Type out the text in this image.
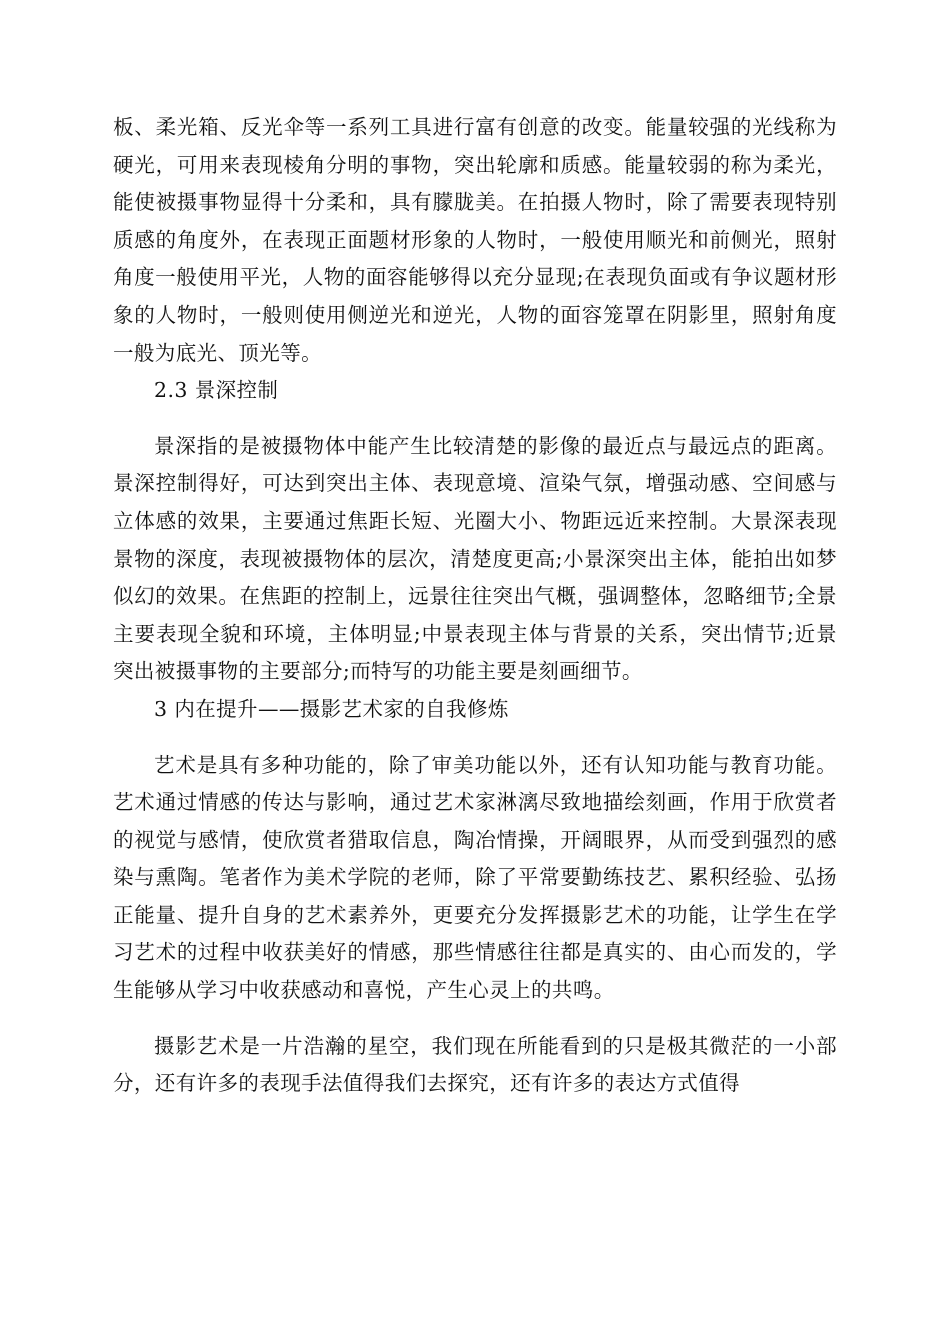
板、柔光箱、反光伞等一系列工具进行富有创意的改变。能量较强的光线称为硬光，可用来表现棱角分明的事物，突出轮廓和质感。能量较弱的称为柔光，能使被摄事物显得十分柔和，具有朦胧美。在拍摄人物时，除了需要表现特别质感的角度外，在表现正面题材形象的人物时，一般使用顺光和前侧光，照射角度一般使用平光，人物的面容能够得以充分显现;在表现负面或有争议题材形象的人物时，一般则使用侧逆光和逆光，人物的面容笼罩在阴影里，照射角度一般为底光、顶光等。

2.3 景深控制

景深指的是被摄物体中能产生比较清楚的影像的最近点与最远点的距离。景深控制得好，可达到突出主体、表现意境、渲染气氛，增强动感、空间感与立体感的效果，主要通过焦距长短、光圈大小、物距远近来控制。大景深表现景物的深度，表现被摄物体的层次，清楚度更高;小景深突出主体，能拍出如梦似幻的效果。在焦距的控制上，远景往往突出气概，强调整体，忽略细节;全景主要表现全貌和环境，主体明显;中景表现主体与背景的关系，突出情节;近景突出被摄事物的主要部分;而特写的功能主要是刻画细节。

3 内在提升——摄影艺术家的自我修炼

艺术是具有多种功能的，除了审美功能以外，还有认知功能与教育功能。艺术通过情感的传达与影响，通过艺术家淋漓尽致地描绘刻画，作用于欣赏者的视觉与感情，使欣赏者猎取信息，陶冶情操，开阔眼界，从而受到强烈的感染与熏陶。笔者作为美术学院的老师，除了平常要勤练技艺、累积经验、弘扬正能量、提升自身的艺术素养外，更要充分发挥摄影艺术的功能，让学生在学习艺术的过程中收获美好的情感，那些情感往往都是真实的、由心而发的，学生能够从学习中收获感动和喜悦，产生心灵上的共鸣。

摄影艺术是一片浩瀚的星空，我们现在所能看到的只是极其微茫的一小部分，还有许多的表现手法值得我们去探究，还有许多的表达方式值得
